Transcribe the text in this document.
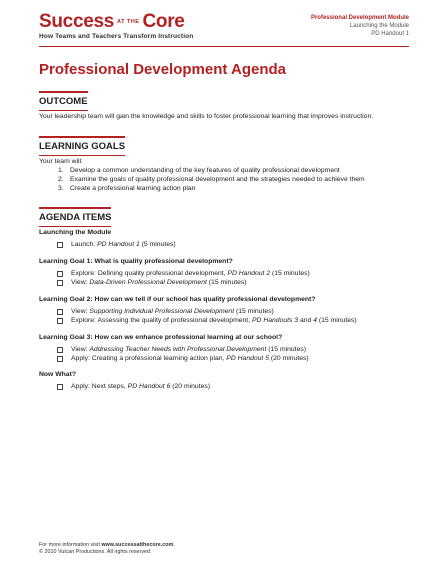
Success AT THE Core
How Teams and Teachers Transform Instruction
Professional Development Module
Launching the Module
PD Handout 1
Professional Development Agenda
OUTCOME
Your leadership team will gain the knowledge and skills to foster professional learning that improves instruction.
LEARNING GOALS
Your team will:
1. Develop a common understanding of the key features of quality professional development
2. Examine the goals of quality professional development and the strategies needed to achieve them
3. Create a professional learning action plan
AGENDA ITEMS
Launching the Module
Launch: PD Handout 1 (5 minutes)
Learning Goal 1: What is quality professional development?
Explore: Defining quality professional development, PD Handout 2 (15 minutes)
View: Data-Driven Professional Development (15 minutes)
Learning Goal 2: How can we tell if our school has quality professional development?
View: Supporting Individual Professional Development (15 minutes)
Explore: Assessing the quality of professional development, PD Handouts 3 and 4 (15 minutes)
Learning Goal 3: How can we enhance professional learning at our school?
View: Addressing Teacher Needs with Professional Development (15 minutes)
Apply: Creating a professional learning action plan, PD Handout 5 (20 minutes)
Now What?
Apply: Next steps, PD Handout 6 (20 minutes)
For more information visit www.successatthecore.com.
© 2010 Vulcan Productions. All rights reserved.
